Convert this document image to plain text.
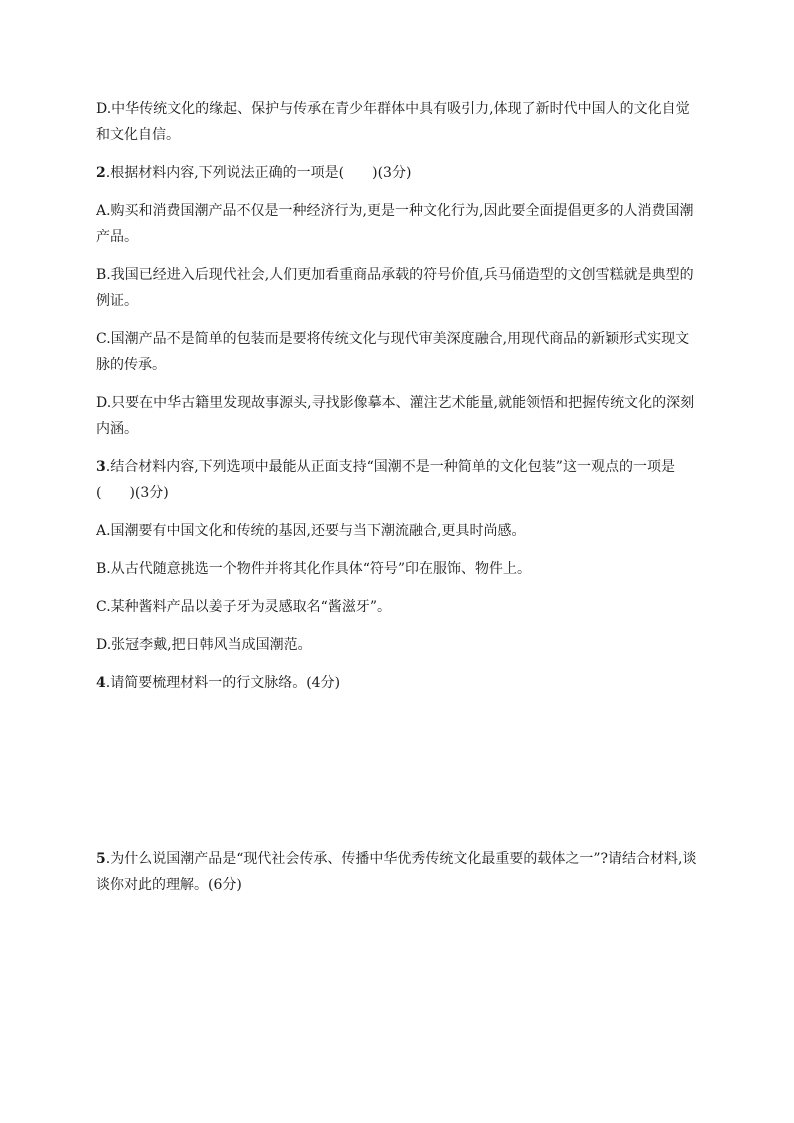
D.中华传统文化的缘起、保护与传承在青少年群体中具有吸引力,体现了新时代中国人的文化自觉

和文化自信。

2.根据材料内容,下列说法正确的一项是(　　)(3分)

A.购买和消费国潮产品不仅是一种经济行为,更是一种文化行为,因此要全面提倡更多的人消费国潮

产品。

B.我国已经进入后现代社会,人们更加看重商品承载的符号价值,兵马俑造型的文创雪糕就是典型的

例证。

C.国潮产品不是简单的包装而是要将传统文化与现代审美深度融合,用现代商品的新颖形式实现文

脉的传承。

D.只要在中华古籍里发现故事源头,寻找影像摹本、灌注艺术能量,就能领悟和把握传统文化的深刻

内涵。

3.结合材料内容,下列选项中最能从正面支持“国潮不是一种简单的文化包装”这一观点的一项是

(　　)(3分)

A.国潮要有中国文化和传统的基因,还要与当下潮流融合,更具时尚感。

B.从古代随意挑选一个物件并将其化作具体“符号”印在服饰、物件上。

C.某种酱料产品以姜子牙为灵感取名“酱滋牙”。

D.张冠李戴,把日韩风当成国潮范。

4.请简要梳理材料一的行文脉络。(4分)

5.为什么说国潮产品是“现代社会传承、传播中华优秀传统文化最重要的载体之一”?请结合材料,谈

谈你对此的理解。(6分)
